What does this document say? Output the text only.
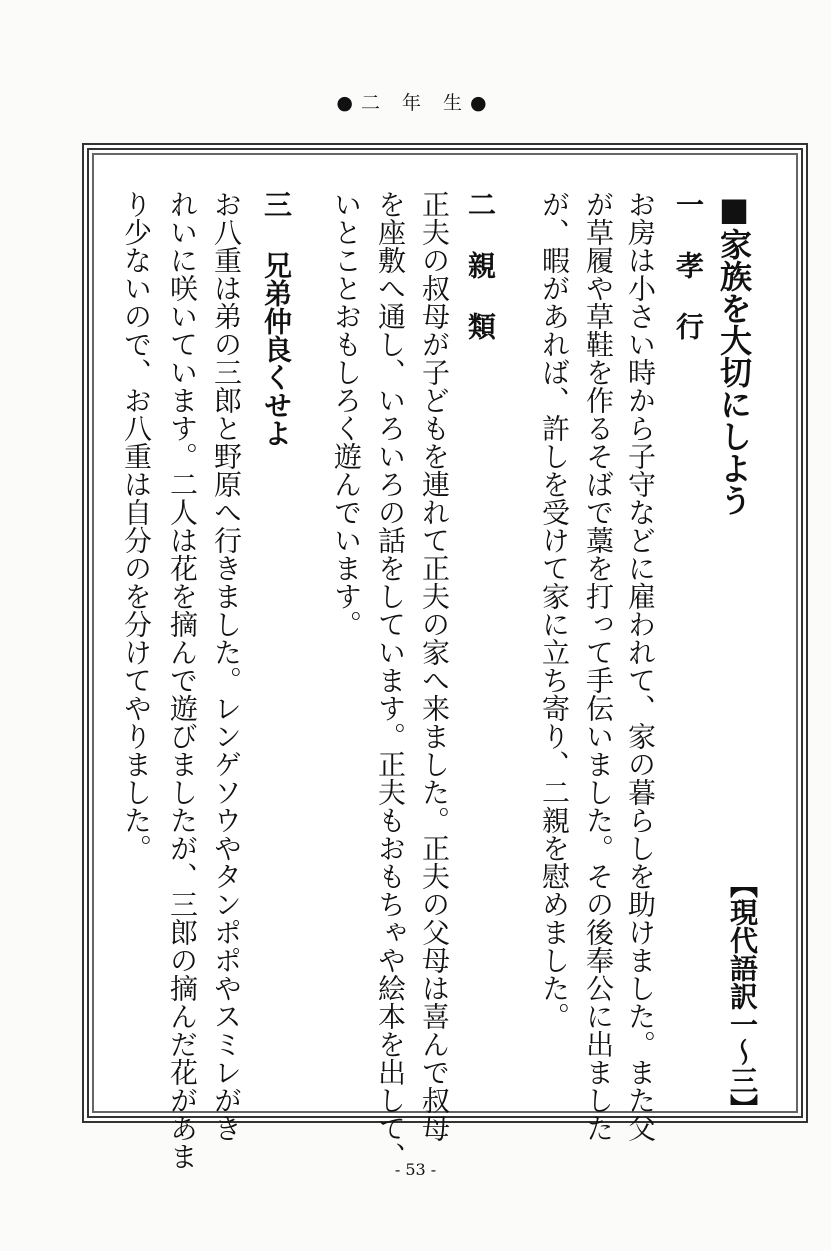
●二 年 生●
■家族を大切にしよう
一 孝 行
お房は小さい時から子守などに雇われて、家の暮らしを助けました。また父
が草履や草鞋を作るそばで藁を打って手伝いました。その後奉公に出ました
が、暇があれば、許しを受けて家に立ち寄り、二親を慰めました。
二 親 類
正夫の叔母が子どもを連れて正夫の家へ来ました。正夫の父母は喜んで叔母
を座敷へ通し、いろいろの話をしています。正夫もおもちゃや絵本を出して、
いとことおもしろく遊んでいます。
三 兄弟仲良くせよ
お八重は弟の三郎と野原へ行きました。レンゲソウやタンポポやスミレがき
れいに咲いています。二人は花を摘んで遊びましたが、三郎の摘んだ花があま
り少ないので、お八重は自分のを分けてやりました。
【現代語訳一～三】
- 53 -
